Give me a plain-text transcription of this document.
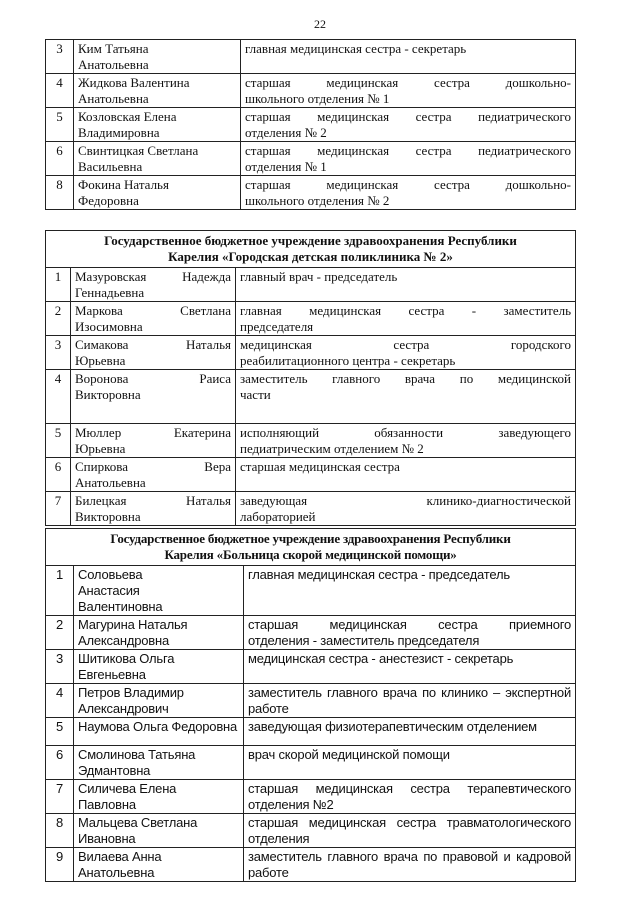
22
3	Ким Татьяна
Анатольевна	главная медицинская сестра - секретарь

4	Жидкова Валентина
Анатольевна	старшая медицинская сестра дошкольно-
школьного отделения № 1

5	Козловская Елена
Владимировна	старшая медицинская сестра педиатрического
отделения № 2

6	Свинтицкая Светлана
Васильевна	старшая медицинская сестра педиатрического
отделения № 1

8	Фокина Наталья
Федоровна	старшая медицинская сестра дошкольно-
школьного отделения № 2
Государственное бюджетное учреждение здравоохранения Республики
Карелия «Городская детская поликлиника № 2»		

1	Мазуровская Надежда
Геннадьевна	главный врач - председатель

2	Маркова Светлана
Изосимовна	главная медицинская сестра - заместитель
председателя

3	Симакова Наталья
Юрьевна	медицинская сестра городского
реабилитационного центра - секретарь

4	Воронова Раиса
Викторовна	заместитель главного врача по медицинской
части

5	Мюллер Екатерина
Юрьевна	исполняющий обязанности заведующего
педиатрическим отделением № 2

6	Спиркова Вера
Анатольевна	старшая медицинская сестра

7	Билецкая Наталья
Викторовна	заведующая клинико-диагностической
лабораторией
Государственное бюджетное учреждение здравоохранения Республики
Карелия «Больница скорой медицинской помощи»		

1	Соловьева
Анастасия
Валентиновна	главная медицинская сестра - председатель

2	Магурина Наталья
Александровна	старшая медицинская сестра приемного
отделения - заместитель председателя

3	Шитикова Ольга
Евгеньевна	медицинская сестра - анестезист - секретарь

4	Петров Владимир
Александрович	заместитель главного врача по клинико – экспертной
работе

5	Наумова Ольга Федоровна	заведующая физиотерапевтическим отделением

6	Смолинова Татьяна
Эдмантовна	врач скорой медицинской помощи

7	Силичева Елена
Павловна	старшая медицинская сестра терапевтического
отделения №2

8	Мальцева Светлана
Ивановна	старшая медицинская сестра травматологического
отделения

9	Вилаева Анна
Анатольевна	заместитель главного врача по правовой и кадровой
работе
